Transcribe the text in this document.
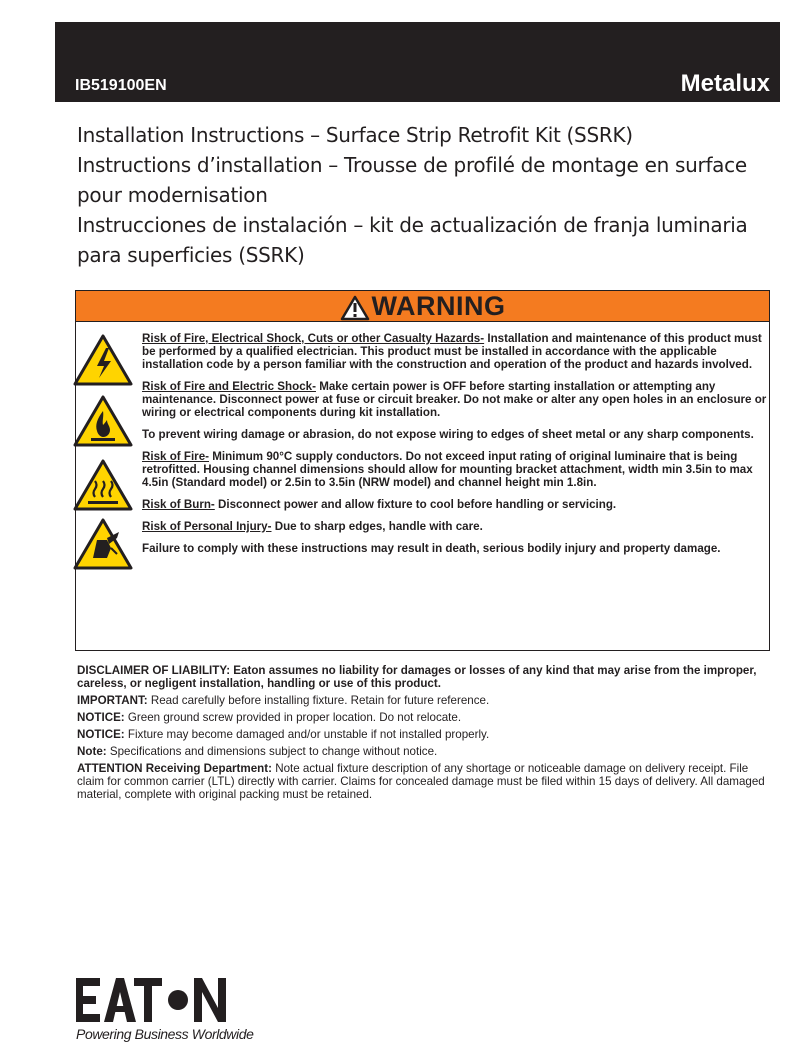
IB519100EN	Metalux
Installation Instructions – Surface Strip Retrofit Kit (SSRK)
Instructions d’installation – Trousse de profilé de montage en surface pour modernisation
Instrucciones de instalación – kit de actualización de franja luminaria para superficies (SSRK)
WARNING

Risk of Fire, Electrical Shock, Cuts or other Casualty Hazards- Installation and maintenance of this product must be performed by a qualified electrician. This product must be installed in accordance with the applicable installation code by a person familiar with the construction and operation of the product and hazards involved.

Risk of Fire and Electric Shock- Make certain power is OFF before starting installation or attempting any maintenance. Disconnect power at fuse or circuit breaker. Do not make or alter any open holes in an enclosure or wiring or electrical components during kit installation.

To prevent wiring damage or abrasion, do not expose wiring to edges of sheet metal or any sharp components.

Risk of Fire- Minimum 90°C supply conductors. Do not exceed input rating of original luminaire that is being retrofitted. Housing channel dimensions should allow for mounting bracket attachment, width min 3.5in to max 4.5in (Standard model) or 2.5in to 3.5in (NRW model) and channel height min 1.8in.

Risk of Burn- Disconnect power and allow fixture to cool before handling or servicing.

Risk of Personal Injury- Due to sharp edges, handle with care.

Failure to comply with these instructions may result in death, serious bodily injury and property damage.

DISCLAIMER OF LIABILITY: Eaton assumes no liability for damages or losses of any kind that may arise from the improper, careless, or negligent installation, handling or use of this product.

IMPORTANT: Read carefully before installing fixture. Retain for future reference.

NOTICE: Green ground screw provided in proper location. Do not relocate.

NOTICE: Fixture may become damaged and/or unstable if not installed properly.

Note: Specifications and dimensions subject to change without notice.

ATTENTION Receiving Department: Note actual fixture description of any shortage or noticeable damage on delivery receipt. File claim for common carrier (LTL) directly with carrier. Claims for concealed damage must be filed within 15 days of delivery. All damaged material, complete with original packing must be retained.

Powering Business Worldwide
